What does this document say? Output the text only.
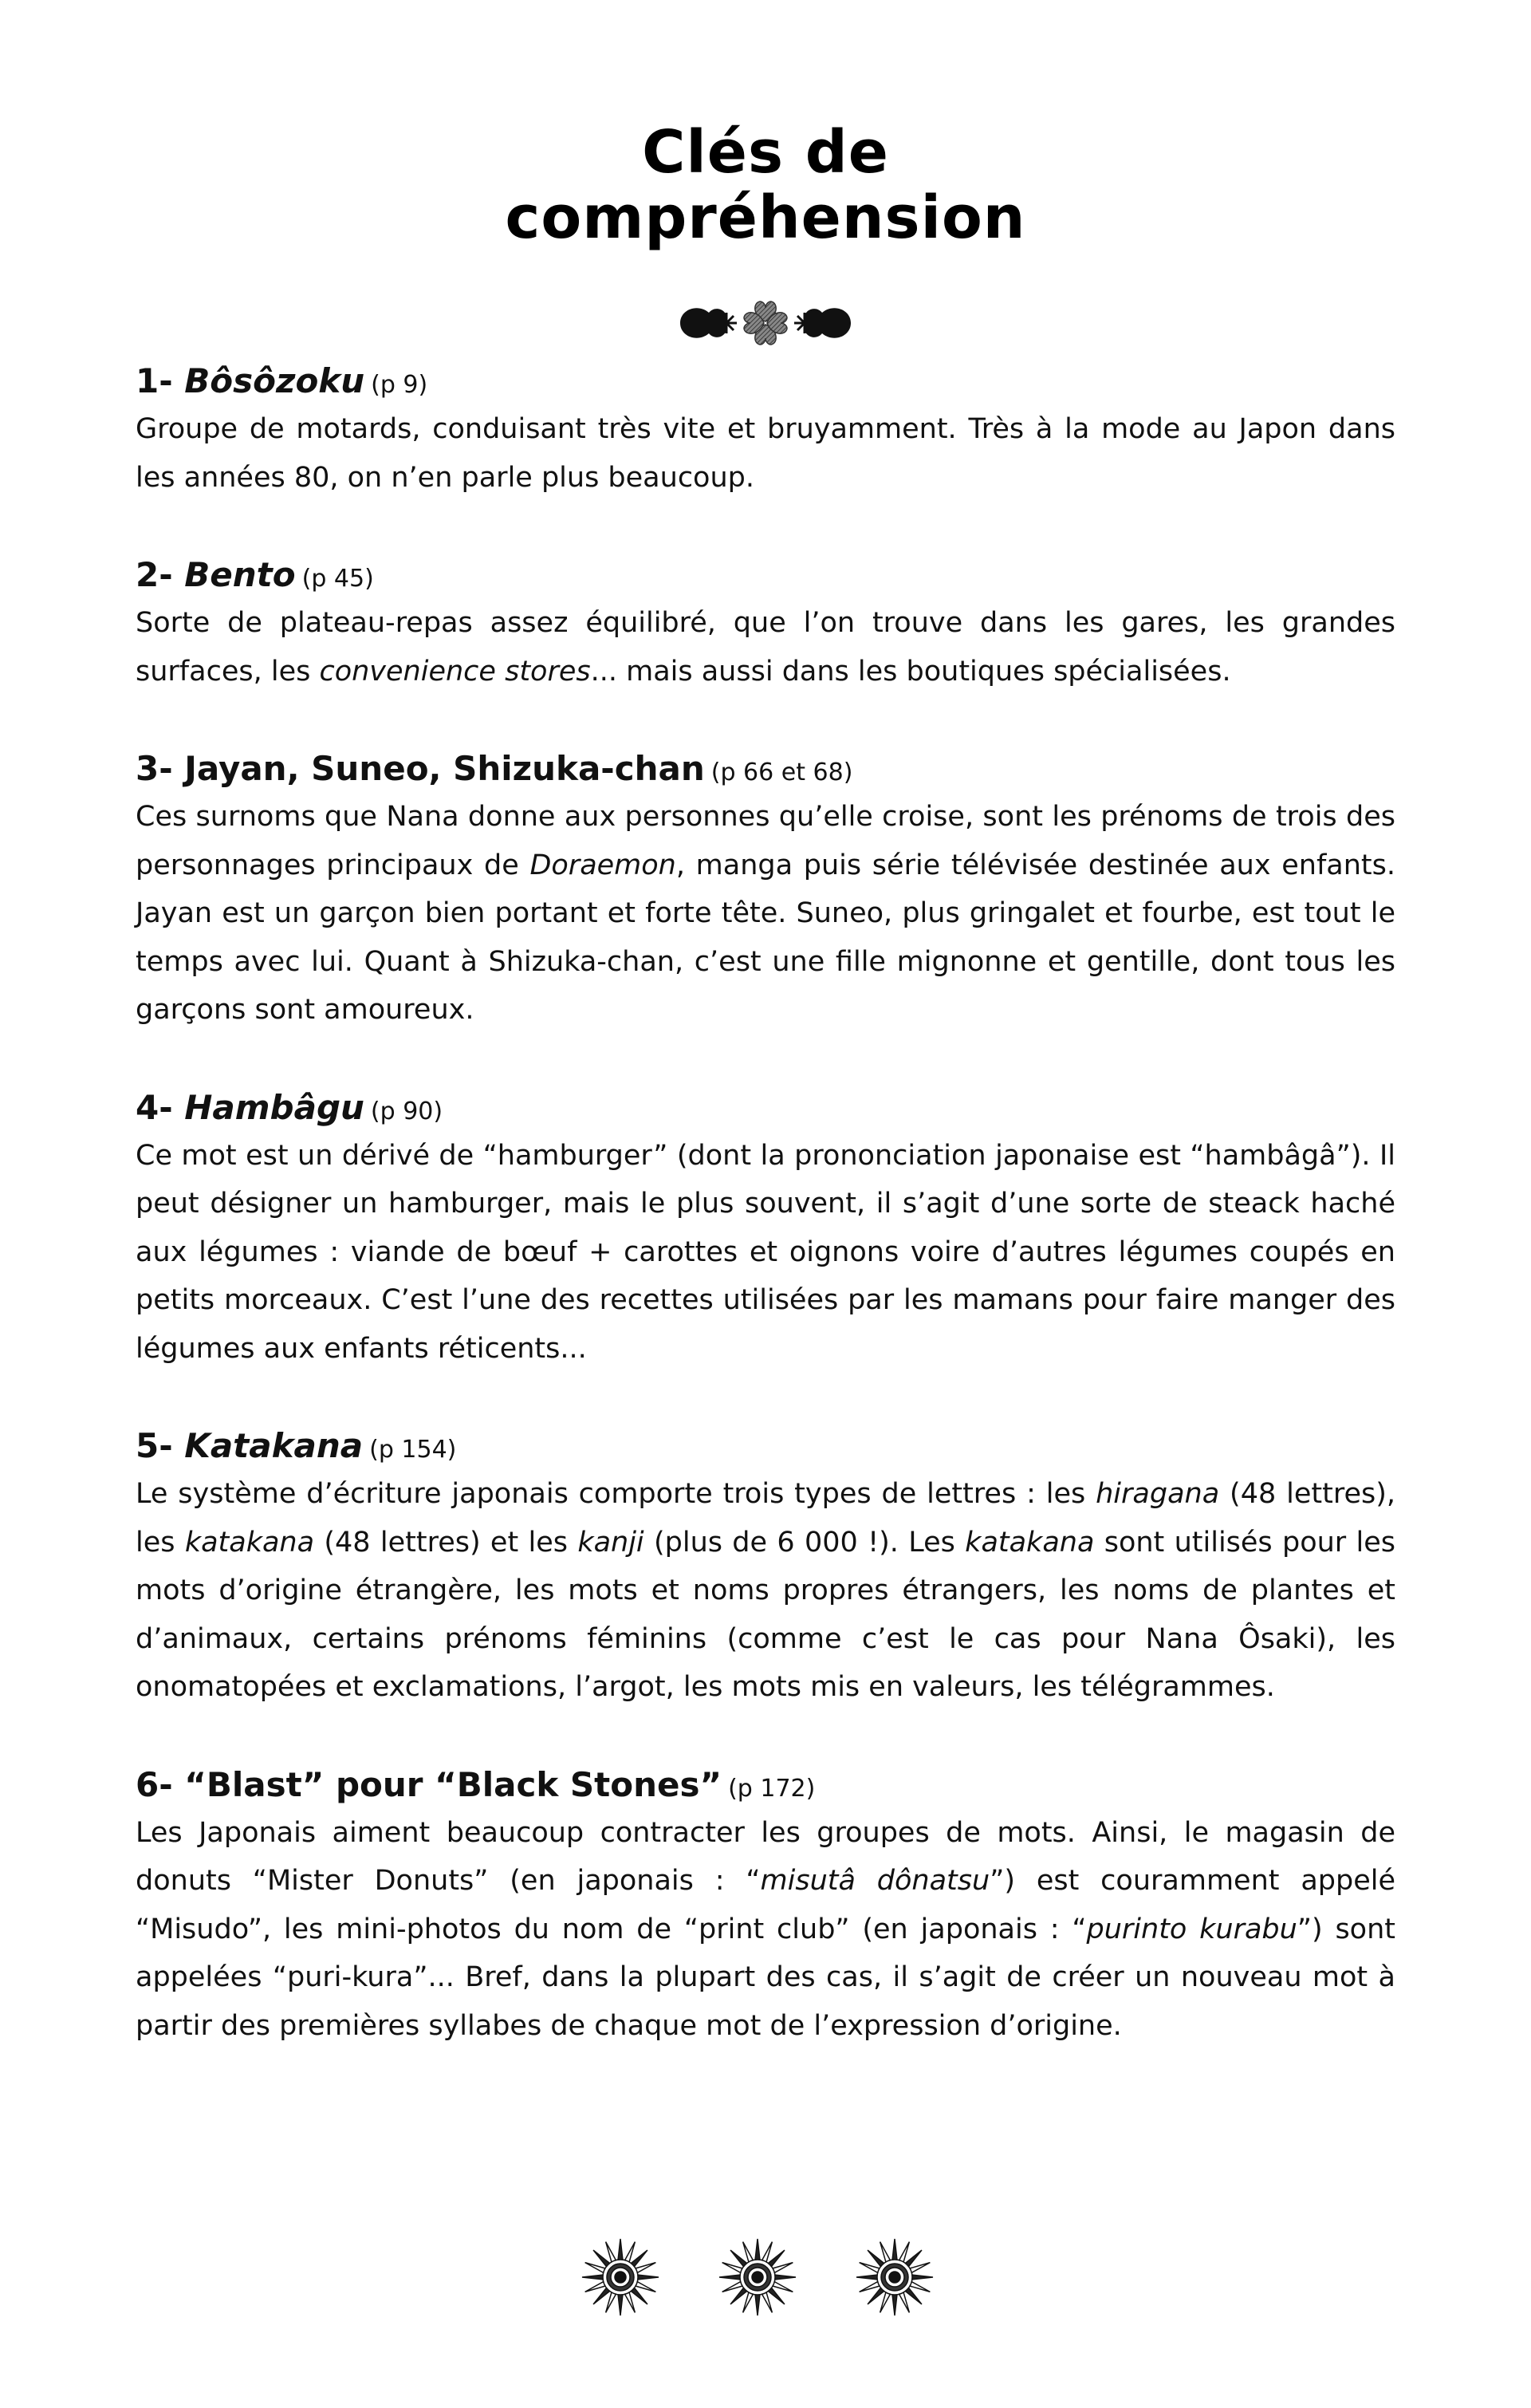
Clés de
compréhension
1- Bôsôzoku (p 9)
Groupe de motards, conduisant très vite et bruyamment. Très à la mode au Japon dans les années 80, on n’en parle plus beaucoup.
2- Bento (p 45)
Sorte de plateau-repas assez équilibré, que l’on trouve dans les gares, les grandes surfaces, les convenience stores... mais aussi dans les boutiques spécialisées.
3- Jayan, Suneo, Shizuka-chan (p 66 et 68)
Ces surnoms que Nana donne aux personnes qu’elle croise, sont les prénoms de trois des personnages principaux de Doraemon, manga puis série télévisée destinée aux enfants. Jayan est un garçon bien portant et forte tête. Suneo, plus gringalet et fourbe, est tout le temps avec lui. Quant à Shizuka-chan, c’est une fille mignonne et gentille, dont tous les garçons sont amoureux.
4- Hambâgu (p 90)
Ce mot est un dérivé de “hamburger” (dont la prononciation japonaise est “hambâgâ”). Il peut désigner un hamburger, mais le plus souvent, il s’agit d’une sorte de steack haché aux légumes : viande de bœuf + carottes et oignons voire d’autres légumes coupés en petits morceaux. C’est l’une des recettes utilisées par les mamans pour faire manger des légumes aux enfants réticents...
5- Katakana (p 154)
Le système d’écriture japonais comporte trois types de lettres : les hiragana (48 lettres), les katakana (48 lettres) et les kanji (plus de 6 000 !). Les katakana sont utilisés pour les mots d’origine étrangère, les mots et noms propres étrangers, les noms de plantes et d’animaux, certains prénoms féminins (comme c’est le cas pour Nana Ôsaki), les onomatopées et exclamations, l’argot, les mots mis en valeurs, les télégrammes.
6- “Blast” pour “Black Stones” (p 172)
Les Japonais aiment beaucoup contracter les groupes de mots. Ainsi, le magasin de donuts “Mister Donuts” (en japonais : “misutâ dônatsu”) est couramment appelé “Misudo”, les mini-photos du nom de “print club” (en japonais : “purinto kurabu”) sont appelées “puri-kura”... Bref, dans la plupart des cas, il s’agit de créer un nouveau mot à partir des premières syllabes de chaque mot de l’expression d’origine.
